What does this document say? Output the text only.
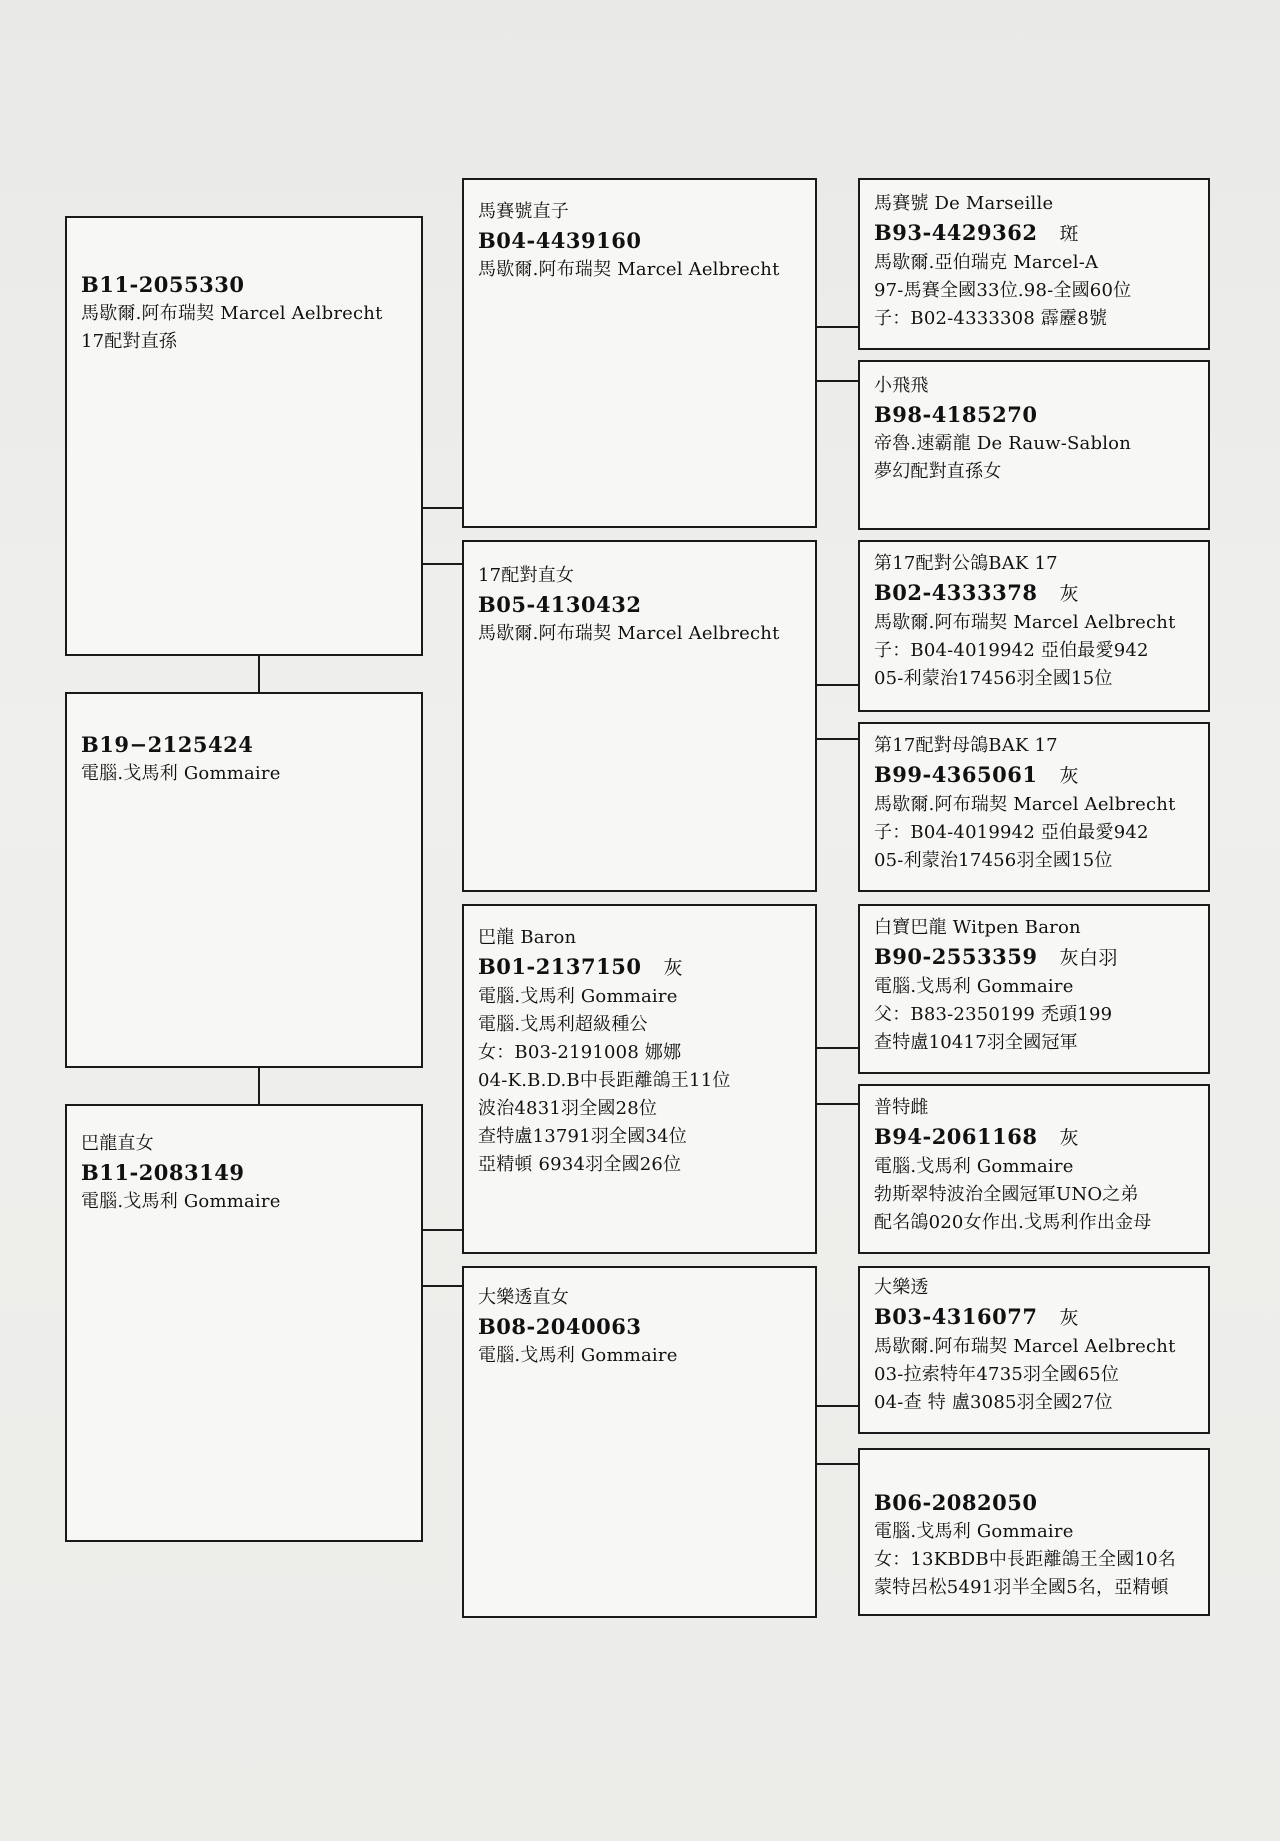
B11-2055330
馬歇爾.阿布瑞契 Marcel Aelbrecht
17配對直孫
B19−2125424
電腦.戈馬利 Gommaire
巴龍直女
B11-2083149
電腦.戈馬利 Gommaire
馬賽號直子
B04-4439160
馬歇爾.阿布瑞契 Marcel Aelbrecht
17配對直女
B05-4130432
馬歇爾.阿布瑞契 Marcel Aelbrecht
巴龍 Baron
B01-2137150 灰
電腦.戈馬利 Gommaire
電腦.戈馬利超級種公
女：B03-2191008 娜娜
04-K.B.D.B中長距離鴿王11位
波治4831羽全國28位
查特盧13791羽全國34位
亞精頓 6934羽全國26位
大樂透直女
B08-2040063
電腦.戈馬利 Gommaire
馬賽號 De Marseille
B93-4429362 斑
馬歇爾.亞伯瑞克 Marcel-A
97-馬賽全國33位.98-全國60位
子：B02-4333308 霹靂8號
小飛飛
B98-4185270
帝魯.速霸龍 De Rauw-Sablon
夢幻配對直孫女
第17配對公鴿BAK 17
B02-4333378 灰
馬歇爾.阿布瑞契 Marcel Aelbrecht
子：B04-4019942 亞伯最愛942
05-利蒙治17456羽全國15位
第17配對母鴿BAK 17
B99-4365061 灰
馬歇爾.阿布瑞契 Marcel Aelbrecht
子：B04-4019942 亞伯最愛942
05-利蒙治17456羽全國15位
白寶巴龍 Witpen Baron
B90-2553359 灰白羽
電腦.戈馬利 Gommaire
父：B83-2350199 禿頭199
查特盧10417羽全國冠軍
普特雌
B94-2061168 灰
電腦.戈馬利 Gommaire
勃斯翠特波治全國冠軍UNO之弟
配名鴿020女作出.戈馬利作出金母
大樂透
B03-4316077 灰
馬歇爾.阿布瑞契 Marcel Aelbrecht
03-拉索特年4735羽全國65位
04-查 特 盧3085羽全國27位
B06-2082050
電腦.戈馬利 Gommaire
女：13KBDB中長距離鴿王全國10名
蒙特呂松5491羽半全國5名，亞精頓
